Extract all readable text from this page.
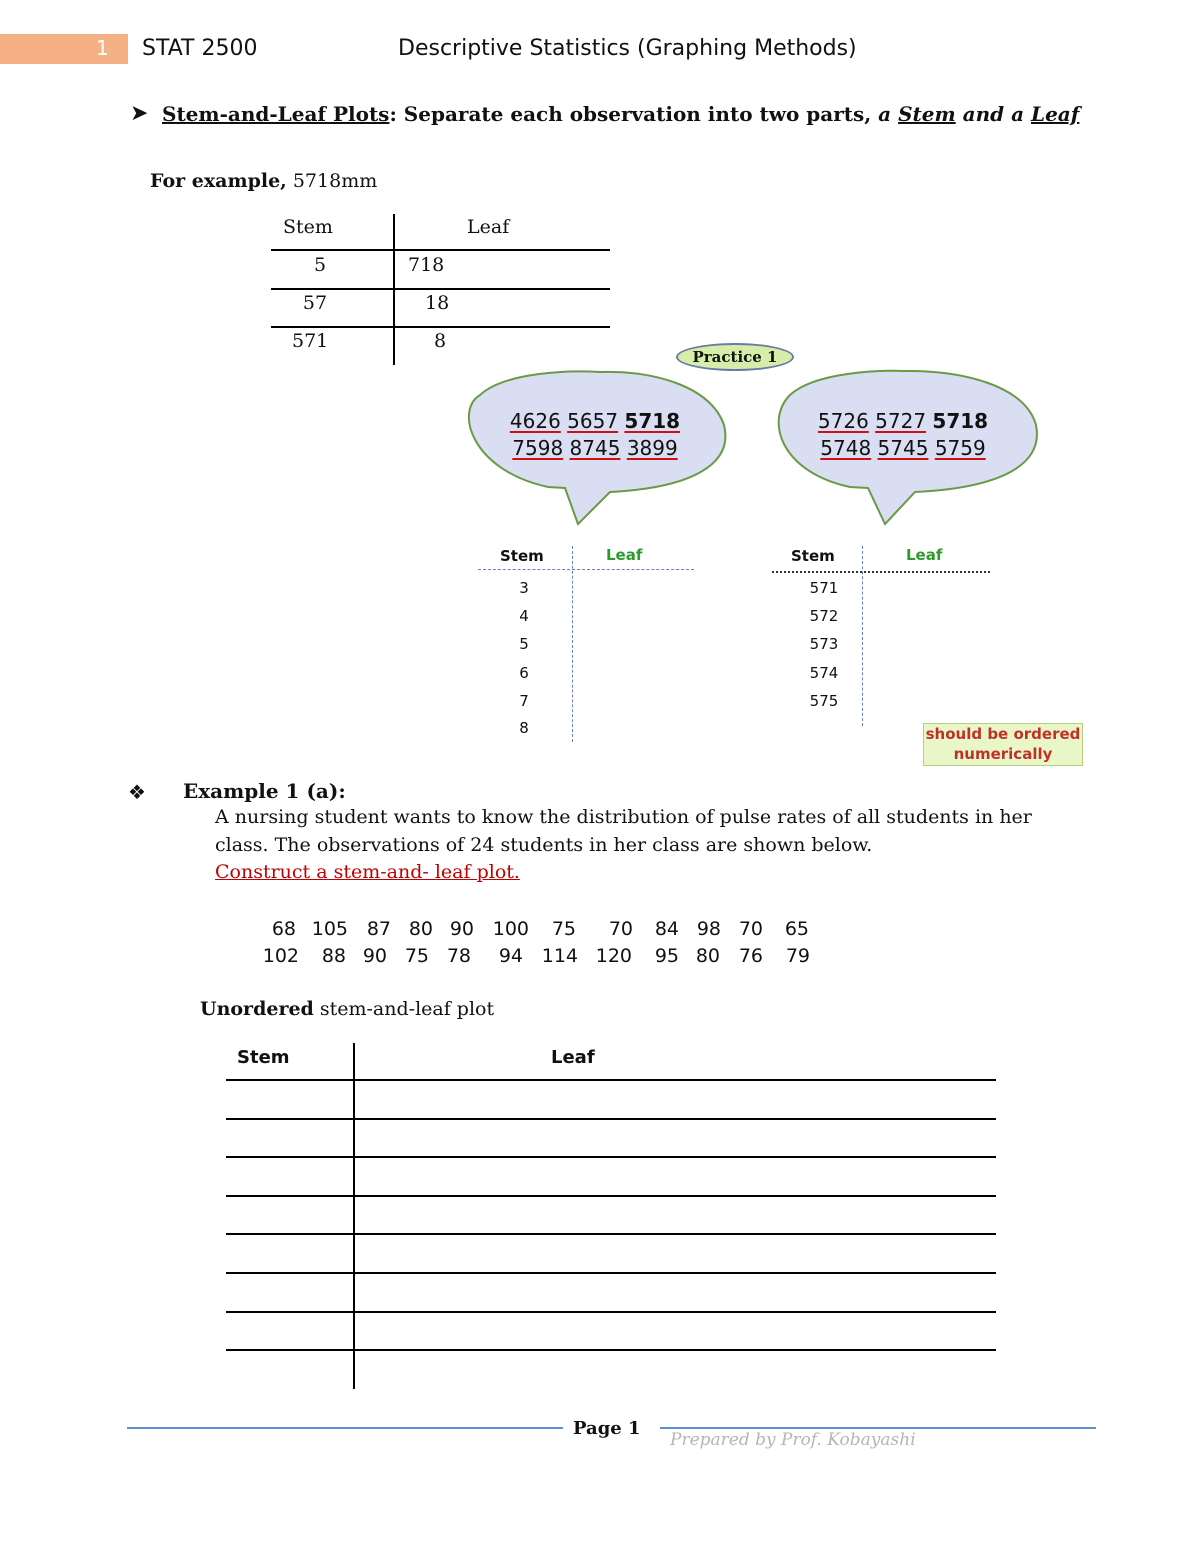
1 STAT 2500	Descriptive Statistics (Graphing Methods)
➤ Stem-and-Leaf Plots: Separate each observation into two parts, a Stem and a Leaf
For example, 5718mm
Stem	Leaf
5	718
57	18
571	8
Practice 1
4626 5657 5718
7598 8745 3899
5726 5727 5718
5748 5745 5759
Stem	Leaf
3
4
5
6
7
8
Stem	Leaf
571
572
573
574
575
should be ordered numerically
❖ Example 1 (a):
A nursing student wants to know the distribution of pulse rates of all students in her
class. The observations of 24 students in her class are shown below.
Construct a stem-and- leaf plot.
68 105 87 80 90 100	75	70	84 98 70	65
102	88 90 75 78	94 114 120	95 80 76	79
Unordered stem-and-leaf plot
Stem	Leaf
Page 1
Prepared by Prof. Kobayashi
